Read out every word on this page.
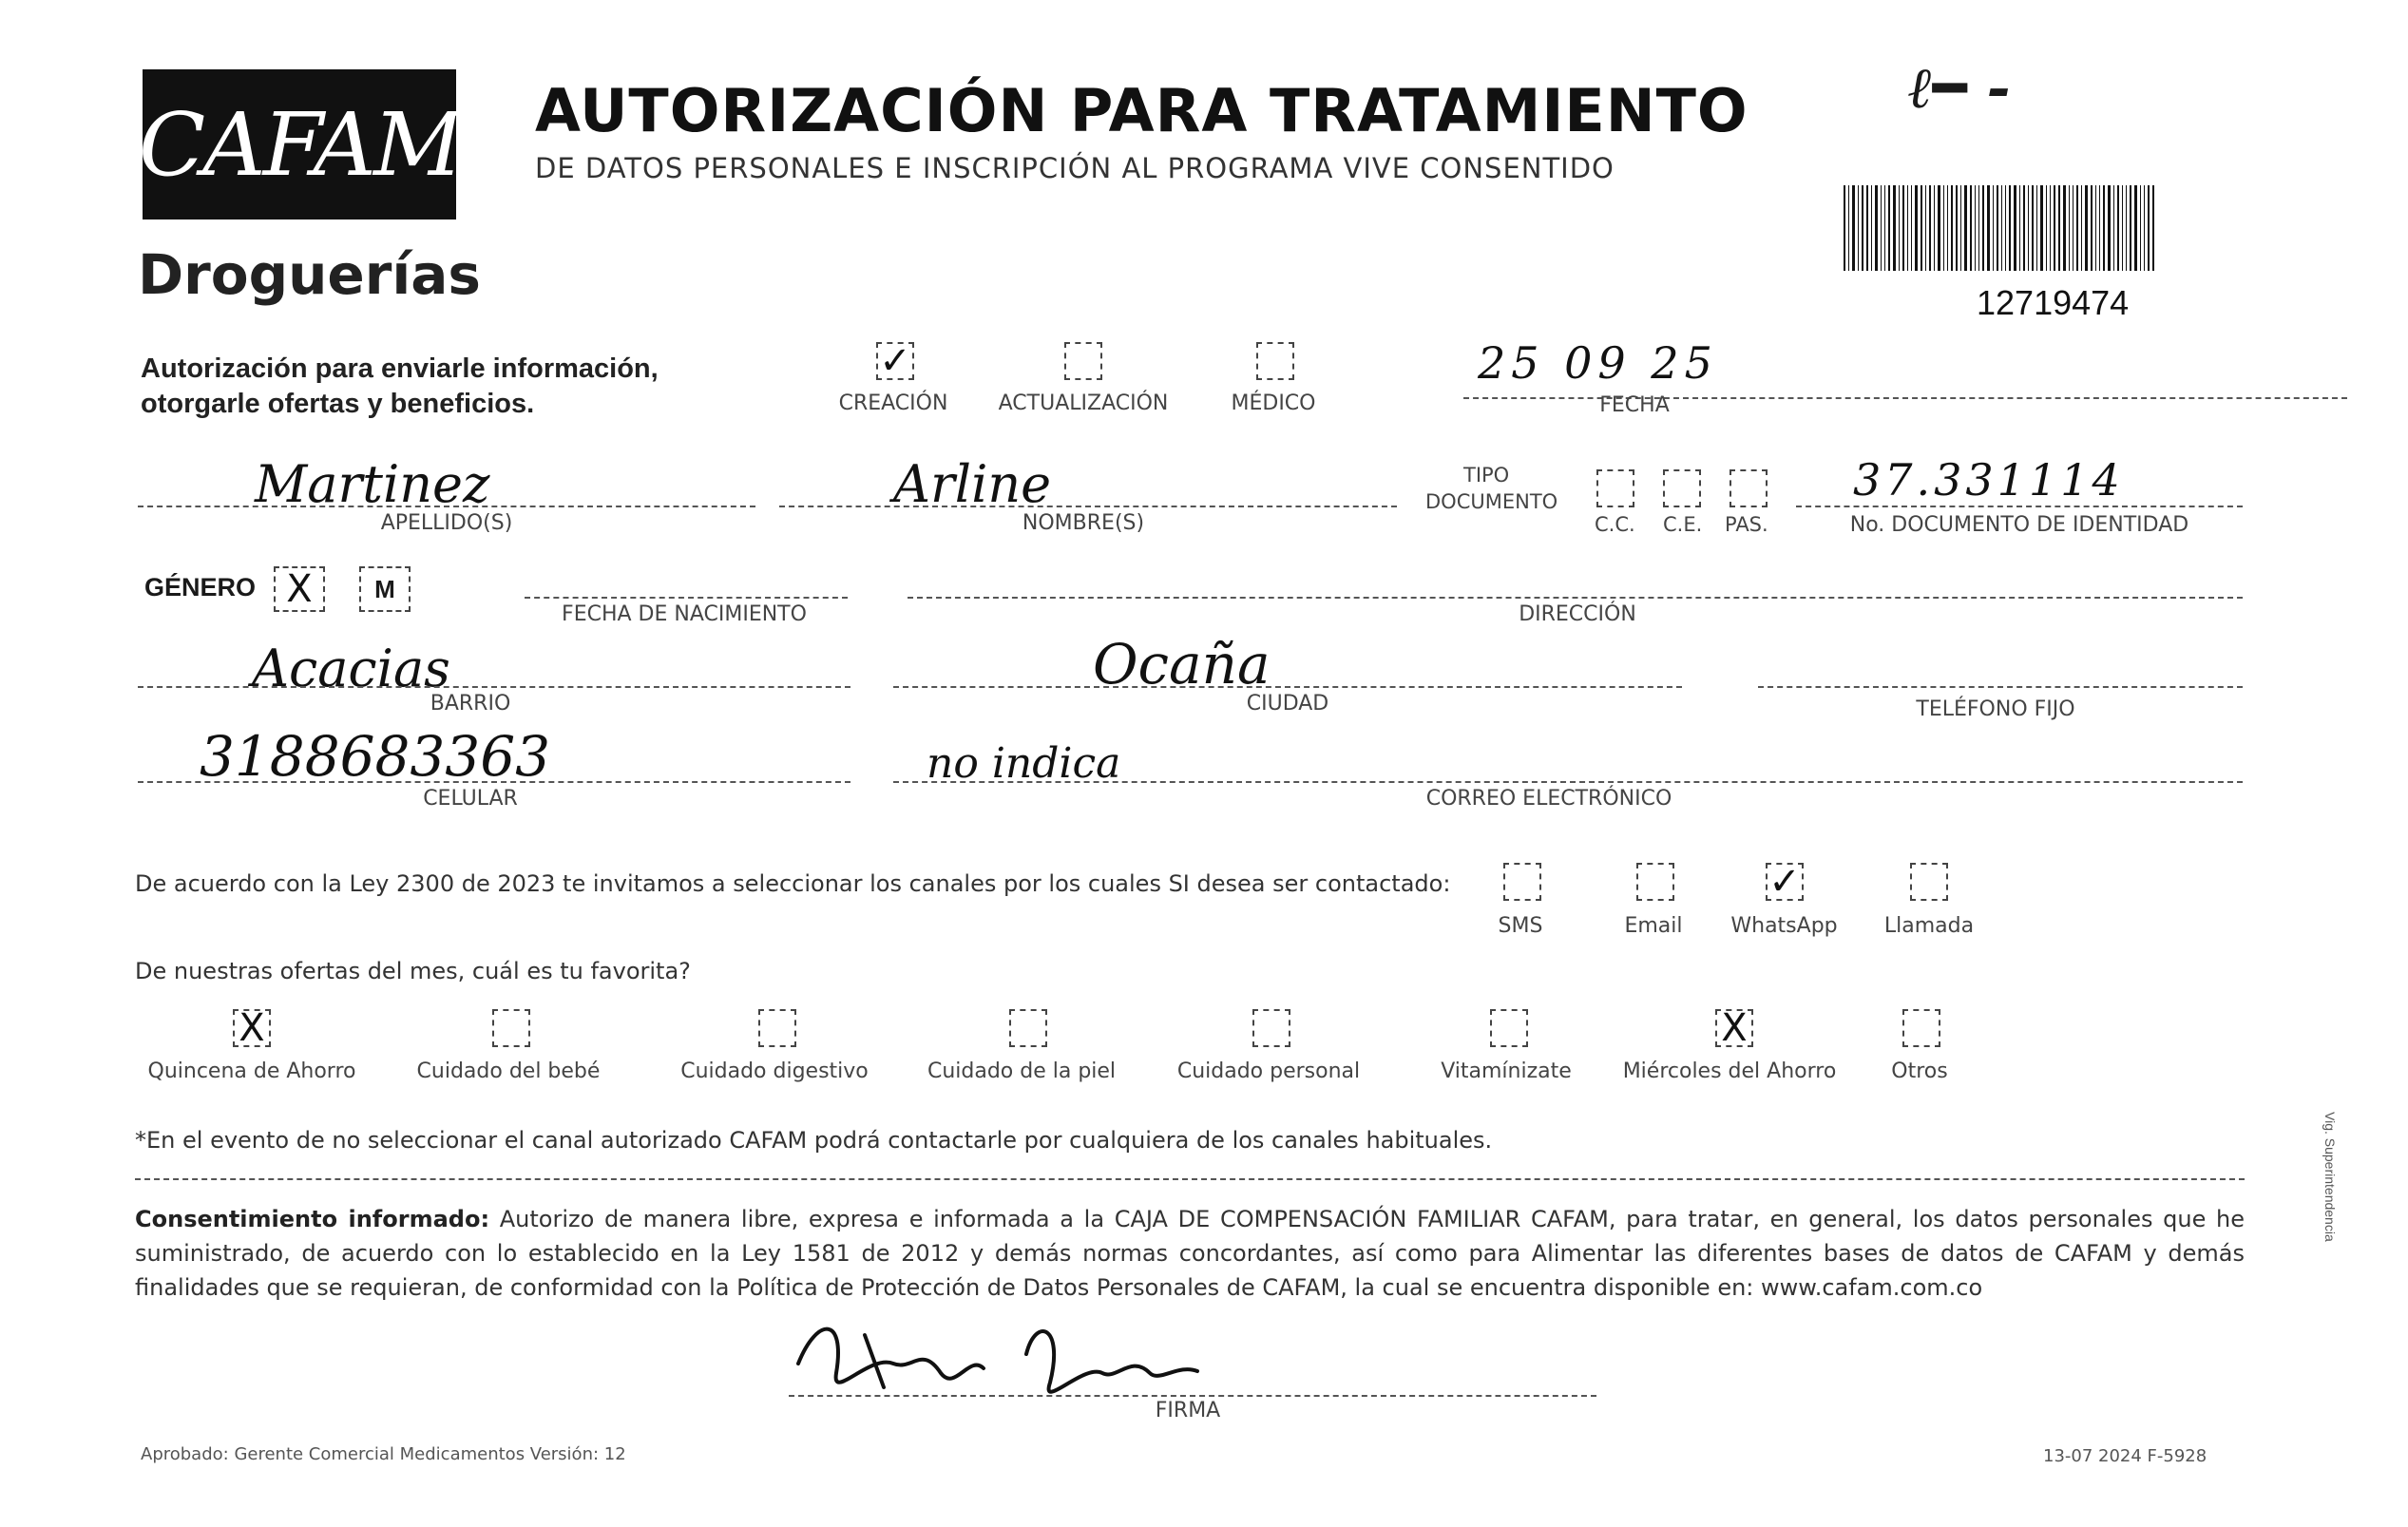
CAFAM
Droguerías
AUTORIZACIÓN PARA TRATAMIENTO
DE DATOS PERSONALES E INSCRIPCIÓN AL PROGRAMA VIVE CONSENTIDO
ℓ━ -
12719474
Autorización para enviarle información,
otorgarle ofertas y beneficios.
✓
CREACIÓN	ACTUALIZACIÓN	MÉDICO
25 09 25
FECHA
Martinez
APELLIDO(S)
Arline
NOMBRE(S)
TIPO
DOCUMENTO
C.C. C.E. PAS.
37.331114
No. DOCUMENTO DE IDENTIDAD
GÉNERO X	M
FECHA DE NACIMIENTO	DIRECCIÓN
Acacias
BARRIO
Ocaña
CIUDAD	TELÉFONO FIJO
3188683363
CELULAR
no indica
CORREO ELECTRÓNICO
De acuerdo con la Ley 2300 de 2023 te invitamos a seleccionar los canales por los cuales SI desea ser contactado:
SMS	Email
✓
WhatsApp	Llamada
De nuestras ofertas del mes, cuál es tu favorita?
X
Quincena de Ahorro	Cuidado del bebé	Cuidado digestivo	Cuidado de la piel	Cuidado personal	Vitamínizate
X
Miércoles del Ahorro	Otros
*En el evento de no seleccionar el canal autorizado CAFAM podrá contactarle por cualquiera de los canales habituales.
Consentimiento informado: Autorizo de manera libre, expresa e informada a la CAJA DE COMPENSACIÓN FAMILIAR CAFAM, para tratar, en general, los datos personales que he suministrado, de acuerdo con lo establecido en la Ley 1581 de 2012 y demás normas concordantes, así como para Alimentar las diferentes bases de datos de CAFAM y demás finalidades que se requieran, de conformidad con la Política de Protección de Datos Personales de CAFAM, la cual se encuentra disponible en: www.cafam.com.co
FIRMA
Aprobado: Gerente Comercial Medicamentos Versión: 12	13-07 2024 F-5928
Vig. Superintendencia
